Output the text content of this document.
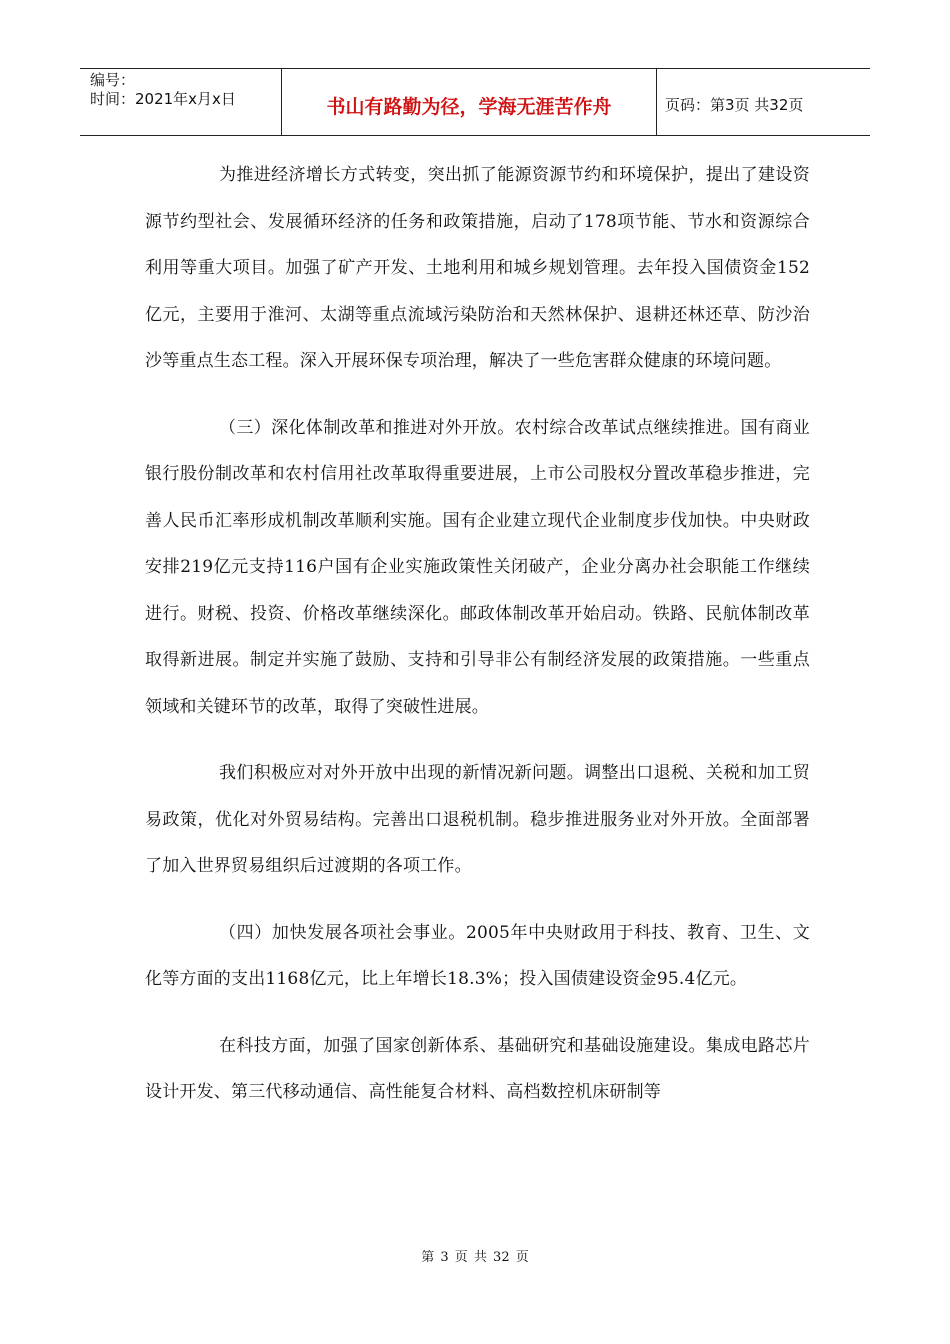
编号：
时间：2021年x月x日	书山有路勤为径，学海无涯苦作舟	页码：第3页 共32页

为推进经济增长方式转变，突出抓了能源资源节约和环境保护，提出了建设资源节约型社会、发展循环经济的任务和政策措施，启动了178项节能、节水和资源综合利用等重大项目。加强了矿产开发、土地利用和城乡规划管理。去年投入国债资金152亿元，主要用于淮河、太湖等重点流域污染防治和天然林保护、退耕还林还草、防沙治沙等重点生态工程。深入开展环保专项治理，解决了一些危害群众健康的环境问题。

（三）深化体制改革和推进对外开放。农村综合改革试点继续推进。国有商业银行股份制改革和农村信用社改革取得重要进展，上市公司股权分置改革稳步推进，完善人民币汇率形成机制改革顺利实施。国有企业建立现代企业制度步伐加快。中央财政安排219亿元支持116户国有企业实施政策性关闭破产，企业分离办社会职能工作继续进行。财税、投资、价格改革继续深化。邮政体制改革开始启动。铁路、民航体制改革取得新进展。制定并实施了鼓励、支持和引导非公有制经济发展的政策措施。一些重点领域和关键环节的改革，取得了突破性进展。

我们积极应对对外开放中出现的新情况新问题。调整出口退税、关税和加工贸易政策，优化对外贸易结构。完善出口退税机制。稳步推进服务业对外开放。全面部署了加入世界贸易组织后过渡期的各项工作。

（四）加快发展各项社会事业。2005年中央财政用于科技、教育、卫生、文化等方面的支出1168亿元，比上年增长18.3%；投入国债建设资金95.4亿元。

在科技方面，加强了国家创新体系、基础研究和基础设施建设。集成电路芯片设计开发、第三代移动通信、高性能复合材料、高档数控机床研制等

第 3 页 共 32 页
